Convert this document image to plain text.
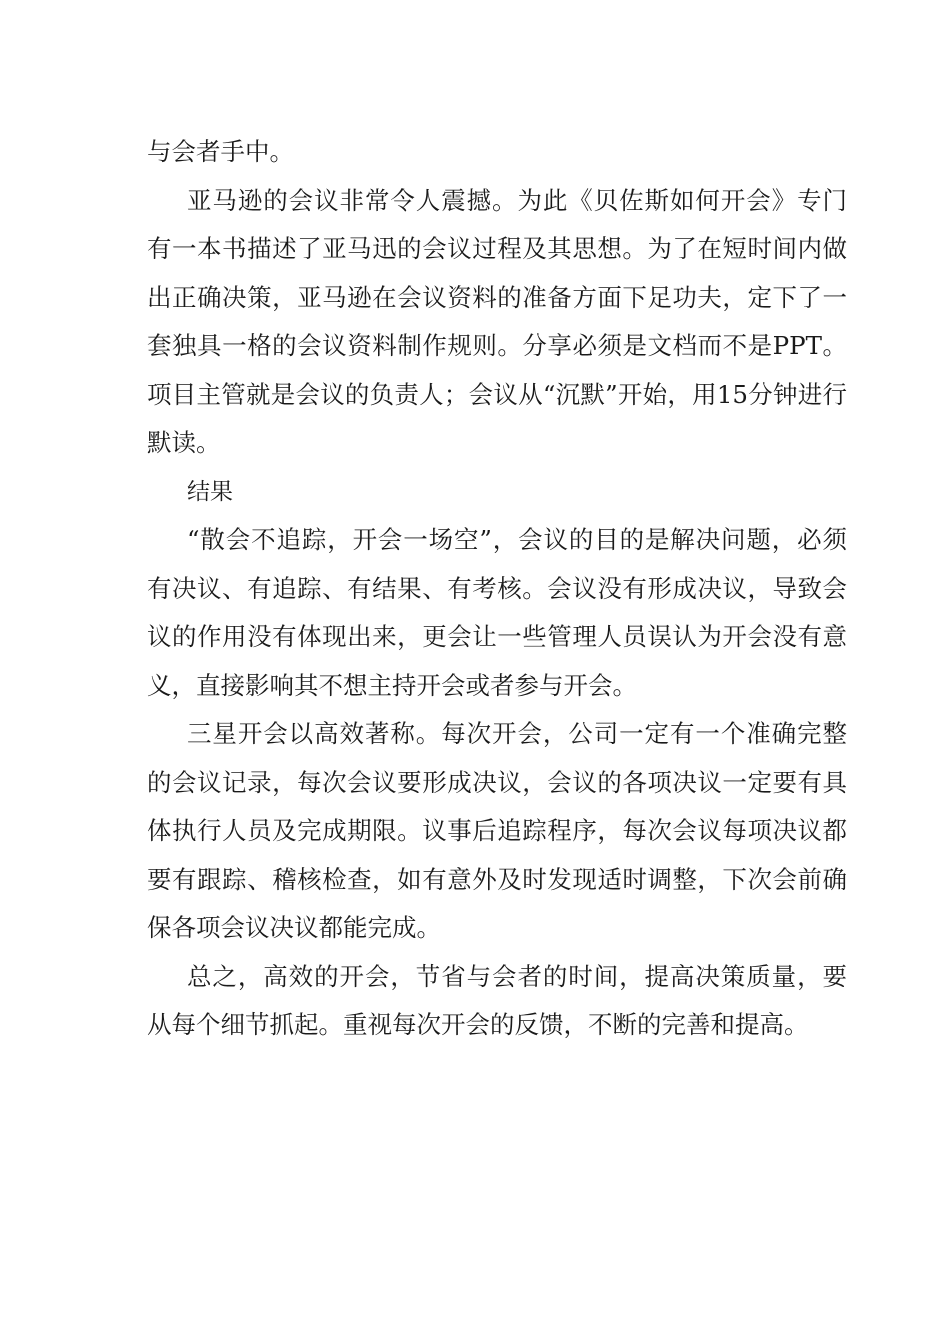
与会者手中。

亚马逊的会议非常令人震撼。为此《贝佐斯如何开会》专门有一本书描述了亚马迅的会议过程及其思想。为了在短时间内做出正确决策，亚马逊在会议资料的准备方面下足功夫，定下了一套独具一格的会议资料制作规则。分享必须是文档而不是PPT。项目主管就是会议的负责人；会议从“沉默”开始，用15分钟进行默读。

结果

“散会不追踪，开会一场空”，会议的目的是解决问题，必须有决议、有追踪、有结果、有考核。会议没有形成决议，导致会议的作用没有体现出来，更会让一些管理人员误认为开会没有意义，直接影响其不想主持开会或者参与开会。

三星开会以高效著称。每次开会，公司一定有一个准确完整的会议记录，每次会议要形成决议，会议的各项决议一定要有具体执行人员及完成期限。议事后追踪程序，每次会议每项决议都要有跟踪、稽核检查，如有意外及时发现适时调整，下次会前确保各项会议决议都能完成。

总之，高效的开会，节省与会者的时间，提高决策质量，要从每个细节抓起。重视每次开会的反馈，不断的完善和提高。
